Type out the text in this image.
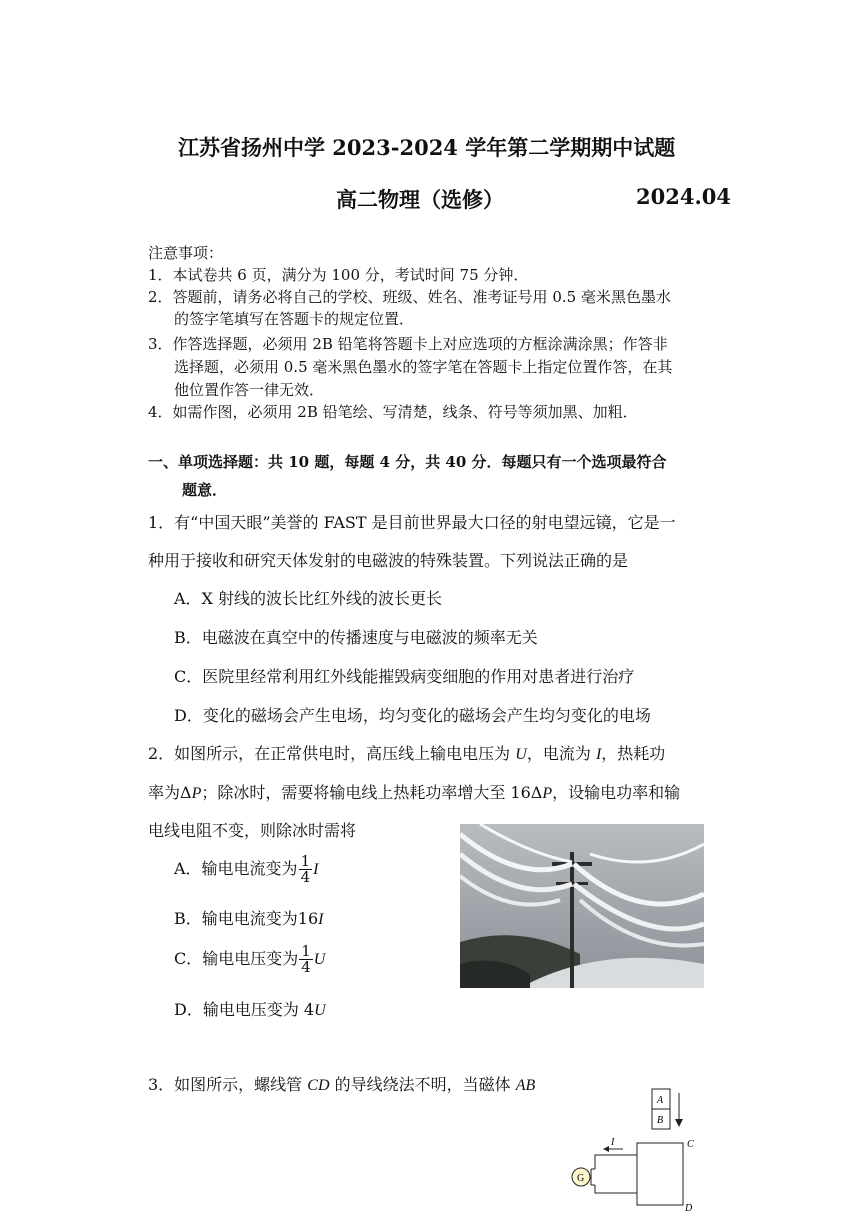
江苏省扬州中学 2023-2024 学年第二学期期中试题
高二物理（选修）	2024.04
注意事项：
1．本试卷共 6 页，满分为 100 分，考试时间 75 分钟．
2．答题前，请务必将自己的学校、班级、姓名、准考证号用 0.5 毫米黑色墨水
的签字笔填写在答题卡的规定位置．
3．作答选择题，必须用 2B 铅笔将答题卡上对应选项的方框涂满涂黑；作答非
选择题，必须用 0.5 毫米黑色墨水的签字笔在答题卡上指定位置作答，在其
他位置作答一律无效．
4．如需作图，必须用 2B 铅笔绘、写清楚，线条、符号等须加黑、加粗．
一、单项选择题：共 10 题，每题 4 分，共 40 分．每题只有一个选项最符合
题意．
1．有“中国天眼”美誉的 FAST 是目前世界最大口径的射电望远镜，它是一
种用于接收和研究天体发射的电磁波的特殊装置。下列说法正确的是
A．X 射线的波长比红外线的波长更长
B．电磁波在真空中的传播速度与电磁波的频率无关
C．医院里经常利用红外线能摧毁病变细胞的作用对患者进行治疗
D．变化的磁场会产生电场，均匀变化的磁场会产生均匀变化的电场
2．如图所示，在正常供电时，高压线上输电电压为 U，电流为 I，热耗功
率为ΔP；除冰时，需要将输电线上热耗功率增大至 16ΔP，设输电功率和输
电线电阻不变，则除冰时需将
A．输电电流变为 $\frac{1}{4}$ I
B．输电电流变为16I
C．输电电压变为 $\frac{1}{4}$ U
D．输电电压变为 4U
3．如图所示，螺线管 CD 的导线绕法不明，当磁体 AB
A
B
C
D
G
I
